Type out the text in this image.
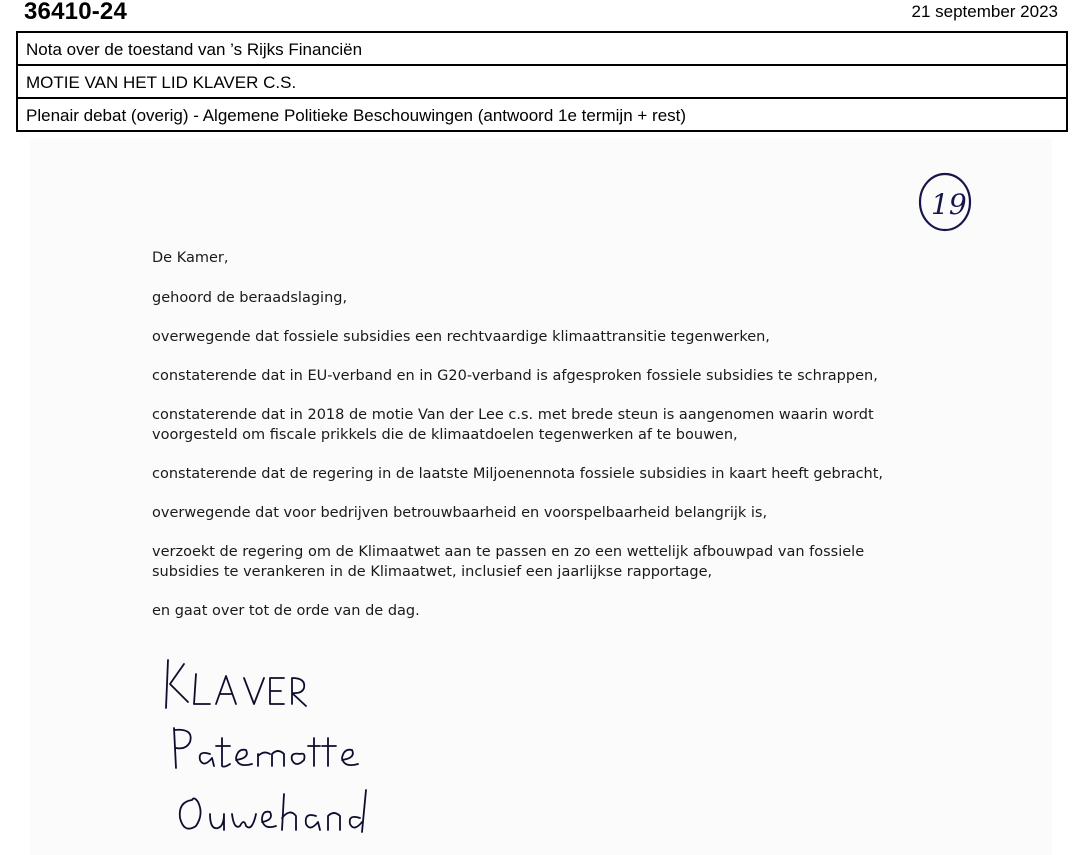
36410-24	21 september 2023
Nota over de toestand van ’s Rijks Financiën
MOTIE VAN HET LID KLAVER C.S.
Plenair debat (overig) - Algemene Politieke Beschouwingen (antwoord 1e termijn + rest)
19

De Kamer,

gehoord de beraadslaging,

overwegende dat fossiele subsidies een rechtvaardige klimaattransitie tegenwerken,

constaterende dat in EU-verband en in G20-verband is afgesproken fossiele subsidies te schrappen,

constaterende dat in 2018 de motie Van der Lee c.s. met brede steun is aangenomen waarin wordt voorgesteld om fiscale prikkels die de klimaatdoelen tegenwerken af te bouwen,

constaterende dat de regering in de laatste Miljoenennota fossiele subsidies in kaart heeft gebracht,

overwegende dat voor bedrijven betrouwbaarheid en voorspelbaarheid belangrijk is,

verzoekt de regering om de Klimaatwet aan te passen en zo een wettelijk afbouwpad van fossiele subsidies te verankeren in de Klimaatwet, inclusief een jaarlijkse rapportage,

en gaat over tot de orde van de dag.
